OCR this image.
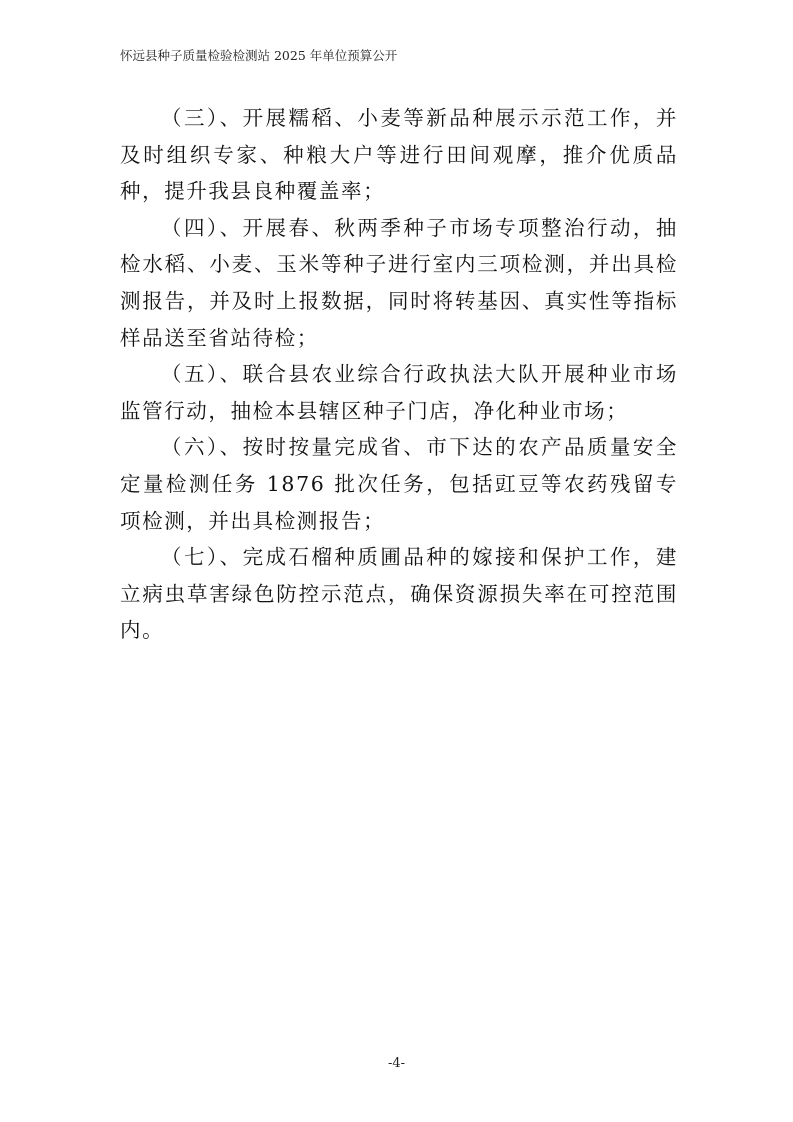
怀远县种子质量检验检测站 2025 年单位预算公开

（三）、开展糯稻、小麦等新品种展示示范工作，并及时组织专家、种粮大户等进行田间观摩，推介优质品种，提升我县良种覆盖率；

（四）、开展春、秋两季种子市场专项整治行动，抽检水稻、小麦、玉米等种子进行室内三项检测，并出具检测报告，并及时上报数据，同时将转基因、真实性等指标样品送至省站待检；

（五）、联合县农业综合行政执法大队开展种业市场监管行动，抽检本县辖区种子门店，净化种业市场；

（六）、按时按量完成省、市下达的农产品质量安全定量检测任务 1876 批次任务，包括豇豆等农药残留专项检测，并出具检测报告；

（七）、完成石榴种质圃品种的嫁接和保护工作，建立病虫草害绿色防控示范点，确保资源损失率在可控范围内。

-4-
